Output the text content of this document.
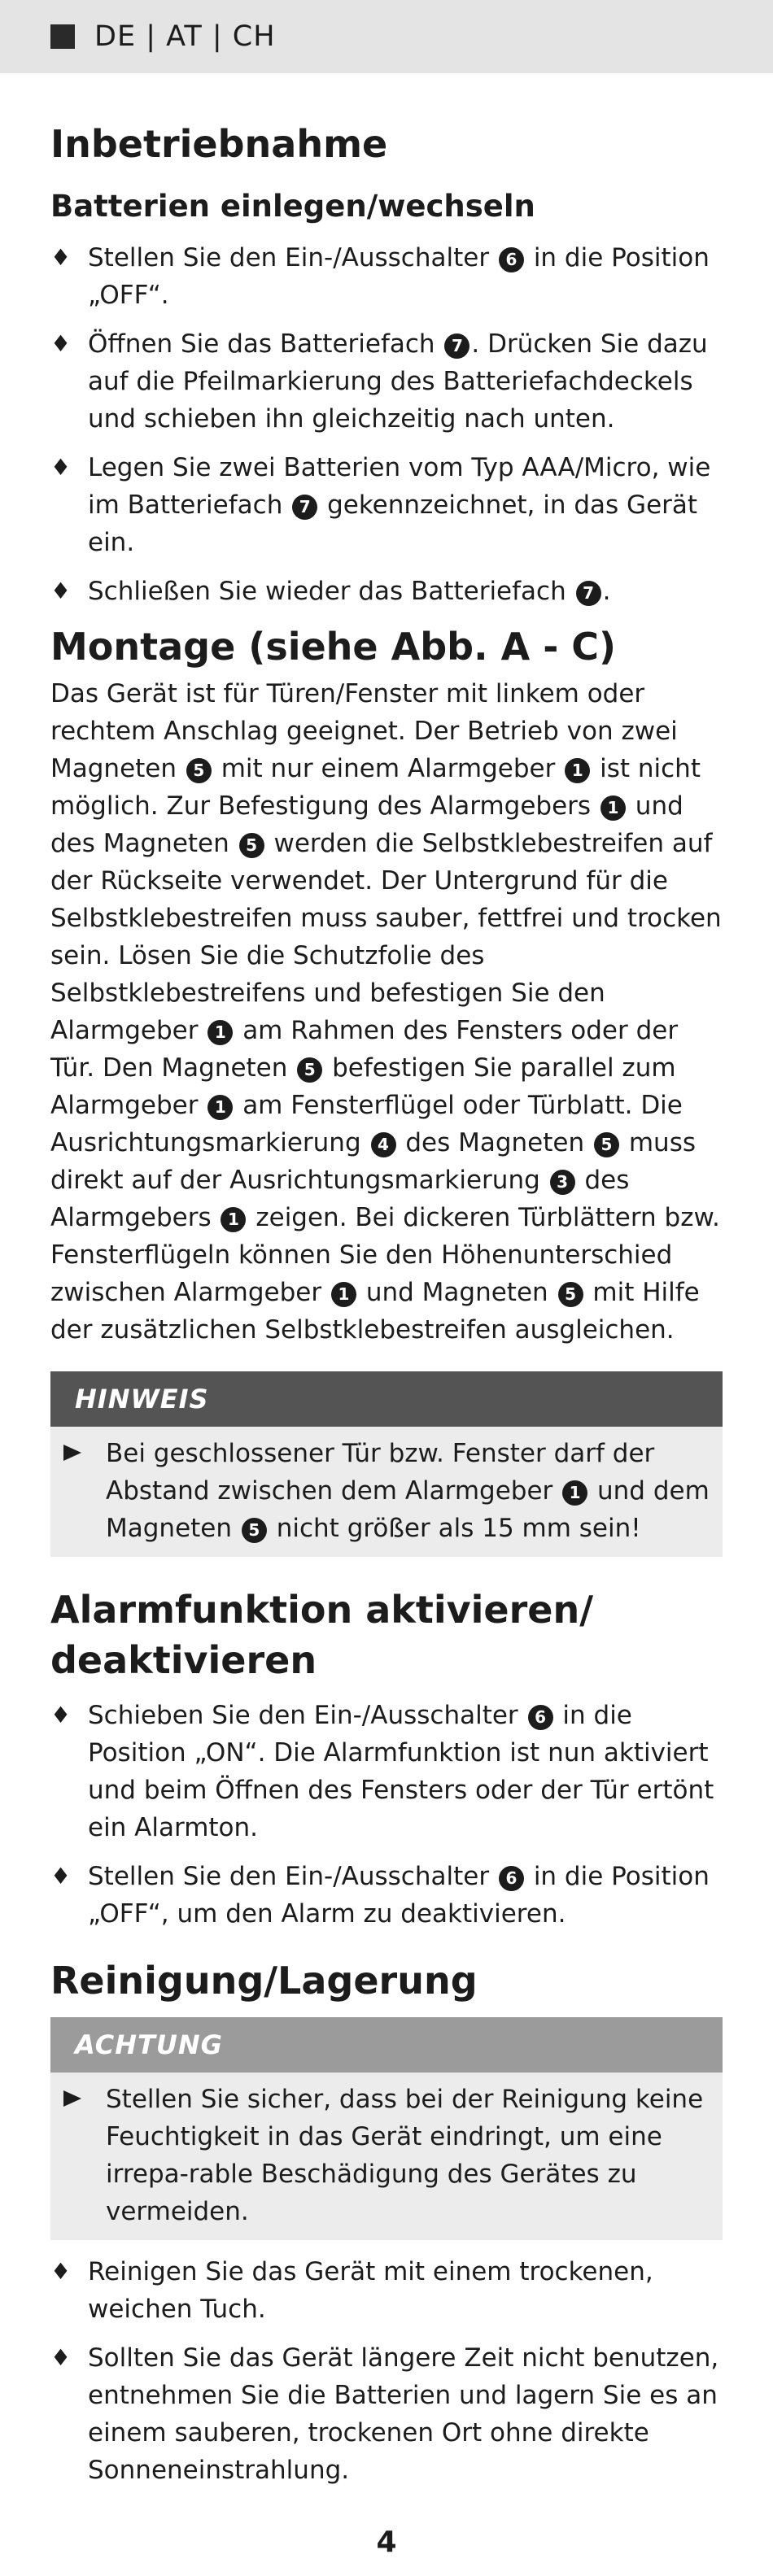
DE | AT | CH
Inbetriebnahme
Batterien einlegen/wechseln
♦ Stellen Sie den Ein-/Ausschalter 6 in die Position „OFF“.
♦ Öffnen Sie das Batteriefach 7 . Drücken Sie dazu auf die Pfeilmarkierung des Batteriefachdeckels und schieben ihn gleichzeitig nach unten.
♦ Legen Sie zwei Batterien vom Typ AAA/Micro, wie im Batteriefach 7 gekennzeichnet, in das Gerät ein.
♦ Schließen Sie wieder das Batteriefach 7 .
Montage (siehe Abb. A - C)

Das Gerät ist für Türen/Fenster mit linkem oder rechtem Anschlag geeignet. Der Betrieb von zwei Magneten 5 mit nur einem Alarmgeber 1 ist nicht möglich. Zur Befestigung des Alarmgebers 1 und des Magneten 5 werden die Selbstklebestreifen auf der Rückseite verwendet. Der Untergrund für die Selbstklebestreifen muss sauber, fettfrei und trocken sein. Lösen Sie die Schutzfolie des Selbstklebestreifens und befestigen Sie den Alarmgeber 1 am Rahmen des Fensters oder der Tür. Den Magneten 5 befestigen Sie parallel zum Alarmgeber 1 am Fensterflügel oder Türblatt. Die Ausrichtungsmarkierung 4 des Magneten 5 muss direkt auf der Ausrichtungsmarkierung 3 des Alarmgebers 1 zeigen. Bei dickeren Türblättern bzw. Fensterflügeln können Sie den Höhenunterschied zwischen Alarmgeber 1 und Magneten 5 mit Hilfe der zusätzlichen Selbstklebestreifen ausgleichen.

HINWEIS
Bei geschlossener Tür bzw. Fenster darf der Abstand zwischen dem Alarmgeber 1 und dem Magneten 5 nicht größer als 15 mm sein!
Alarmfunktion aktivieren/
deaktivieren
♦ Schieben Sie den Ein-/Ausschalter 6 in die Position „ON“. Die Alarmfunktion ist nun aktiviert und beim Öffnen des Fensters oder der Tür ertönt ein Alarmton.
♦ Stellen Sie den Ein-/Ausschalter 6 in die Position „OFF“, um den Alarm zu deaktivieren.
Reinigung/Lagerung
ACHTUNG
Stellen Sie sicher, dass bei der Reinigung keine Feuchtigkeit in das Gerät eindringt, um eine irrepa-rable Beschädigung des Gerätes zu vermeiden.
♦ Reinigen Sie das Gerät mit einem trockenen, weichen Tuch.
♦ Sollten Sie das Gerät längere Zeit nicht benutzen, entnehmen Sie die Batterien und lagern Sie es an einem sauberen, trockenen Ort ohne direkte Sonneneinstrahlung.
4
